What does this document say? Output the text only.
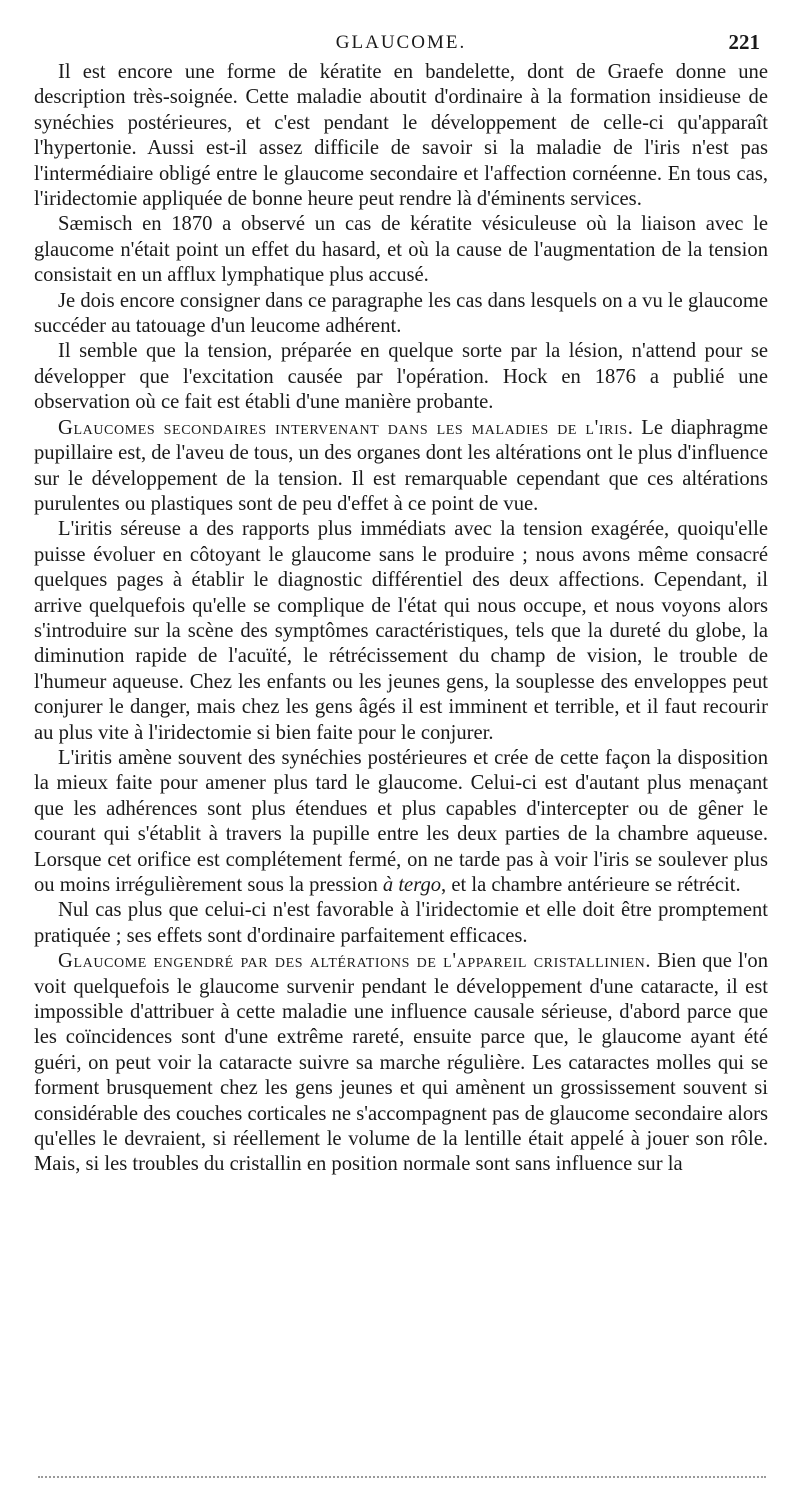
GLAUCOME.	221

Il est encore une forme de kératite en bandelette, dont de Graefe donne une description très-soignée. Cette maladie aboutit d'ordinaire à la formation insidieuse de synéchies postérieures, et c'est pendant le développement de celle-ci qu'apparaît l'hypertonie. Aussi est-il assez difficile de savoir si la maladie de l'iris n'est pas l'intermédiaire obligé entre le glaucome secondaire et l'affection cornéenne. En tous cas, l'iridectomie appliquée de bonne heure peut rendre là d'éminents services.

Sæmisch en 1870 a observé un cas de kératite vésiculeuse où la liaison avec le glaucome n'était point un effet du hasard, et où la cause de l'augmentation de la tension consistait en un afflux lymphatique plus accusé.

Je dois encore consigner dans ce paragraphe les cas dans lesquels on a vu le glaucome succéder au tatouage d'un leucome adhérent.

Il semble que la tension, préparée en quelque sorte par la lésion, n'attend pour se développer que l'excitation causée par l'opération. Hock en 1876 a publié une observation où ce fait est établi d'une manière probante.

Glaucomes secondaires intervenant dans les maladies de l'iris. Le diaphragme pupillaire est, de l'aveu de tous, un des organes dont les altérations ont le plus d'influence sur le développement de la tension. Il est remarquable cependant que ces altérations purulentes ou plastiques sont de peu d'effet à ce point de vue.

L'iritis séreuse a des rapports plus immédiats avec la tension exagérée, quoiqu'elle puisse évoluer en côtoyant le glaucome sans le produire ; nous avons même consacré quelques pages à établir le diagnostic différentiel des deux affections. Cependant, il arrive quelquefois qu'elle se complique de l'état qui nous occupe, et nous voyons alors s'introduire sur la scène des symptômes caractéristiques, tels que la dureté du globe, la diminution rapide de l'acuïté, le rétrécissement du champ de vision, le trouble de l'humeur aqueuse. Chez les enfants ou les jeunes gens, la souplesse des enveloppes peut conjurer le danger, mais chez les gens âgés il est imminent et terrible, et il faut recourir au plus vite à l'iridectomie si bien faite pour le conjurer.

L'iritis amène souvent des synéchies postérieures et crée de cette façon la disposition la mieux faite pour amener plus tard le glaucome. Celui-ci est d'autant plus menaçant que les adhérences sont plus étendues et plus capables d'intercepter ou de gêner le courant qui s'établit à travers la pupille entre les deux parties de la chambre aqueuse. Lorsque cet orifice est complétement fermé, on ne tarde pas à voir l'iris se soulever plus ou moins irrégulièrement sous la pression à tergo, et la chambre antérieure se rétrécit.

Nul cas plus que celui-ci n'est favorable à l'iridectomie et elle doit être promptement pratiquée ; ses effets sont d'ordinaire parfaitement efficaces.

Glaucome engendré par des altérations de l'appareil cristallinien. Bien que l'on voit quelquefois le glaucome survenir pendant le développement d'une cataracte, il est impossible d'attribuer à cette maladie une influence causale sérieuse, d'abord parce que les coïncidences sont d'une extrême rareté, ensuite parce que, le glaucome ayant été guéri, on peut voir la cataracte suivre sa marche régulière. Les cataractes molles qui se forment brusquement chez les gens jeunes et qui amènent un grossissement souvent si considérable des couches corticales ne s'accompagnent pas de glaucome secondaire alors qu'elles le devraient, si réellement le volume de la lentille était appelé à jouer son rôle. Mais, si les troubles du cristallin en position normale sont sans influence sur la
